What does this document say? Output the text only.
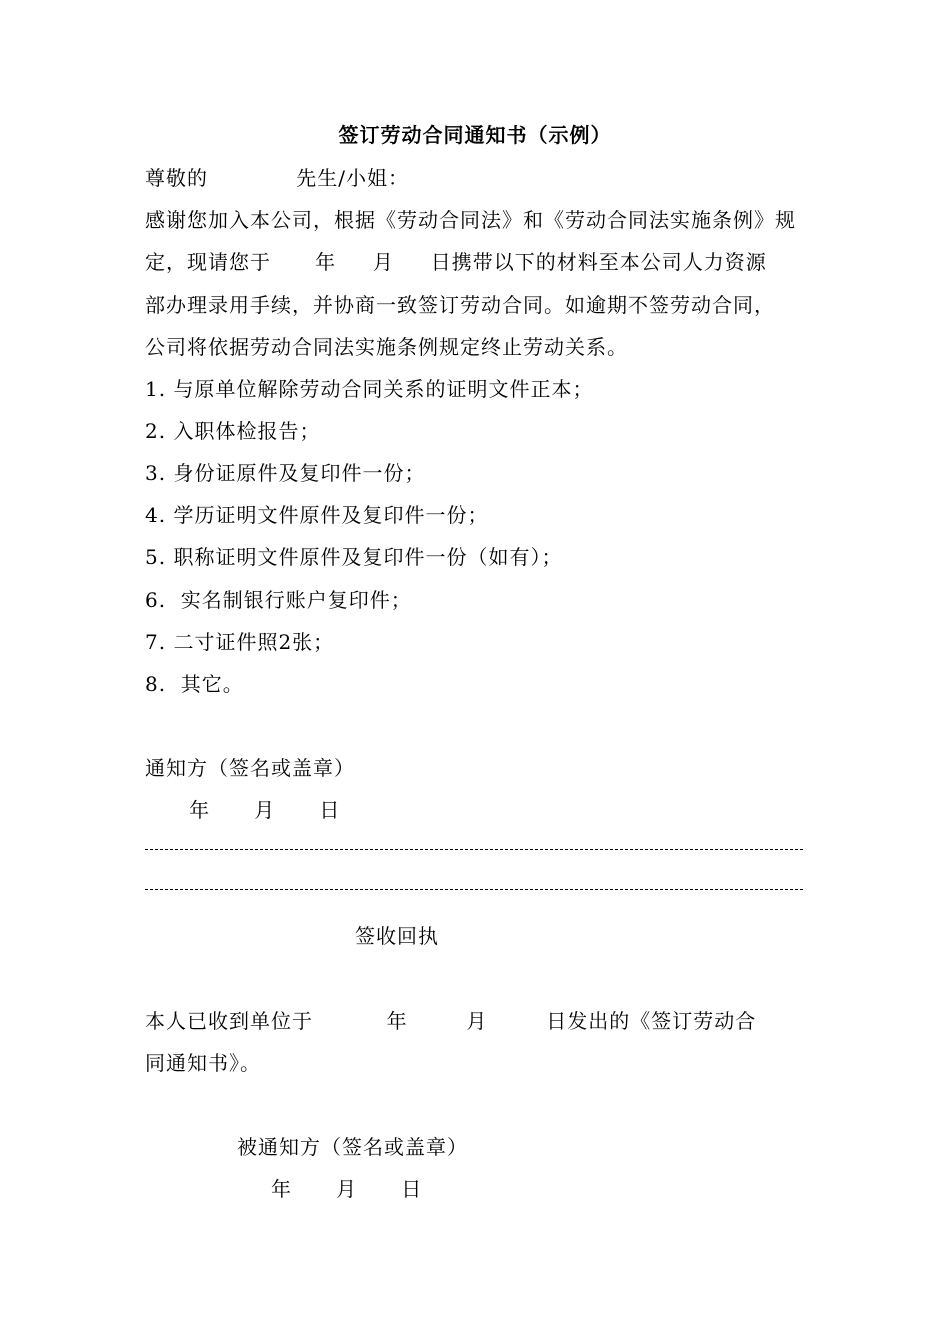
签订劳动合同通知书（示例）
尊敬的            先生/小姐：
感谢您加入本公司，根据《劳动合同法》和《劳动合同法实施条例》规
定，现请您于      年     月     日携带以下的材料至本公司人力资源
部办理录用手续，并协商一致签订劳动合同。如逾期不签劳动合同，
公司将依据劳动合同法实施条例规定终止劳动关系。
1. 与原单位解除劳动合同关系的证明文件正本；
2. 入职体检报告；
3. 身份证原件及复印件一份；
4. 学历证明文件原件及复印件一份；
5. 职称证明文件原件及复印件一份（如有）；
6.  实名制银行账户复印件；
7. 二寸证件照2张；
8.  其它。
通知方（签名或盖章）
年      月      日
签收回执
本人已收到单位于          年        月        日发出的《签订劳动合
同通知书》。
被通知方（签名或盖章）
年      月      日
